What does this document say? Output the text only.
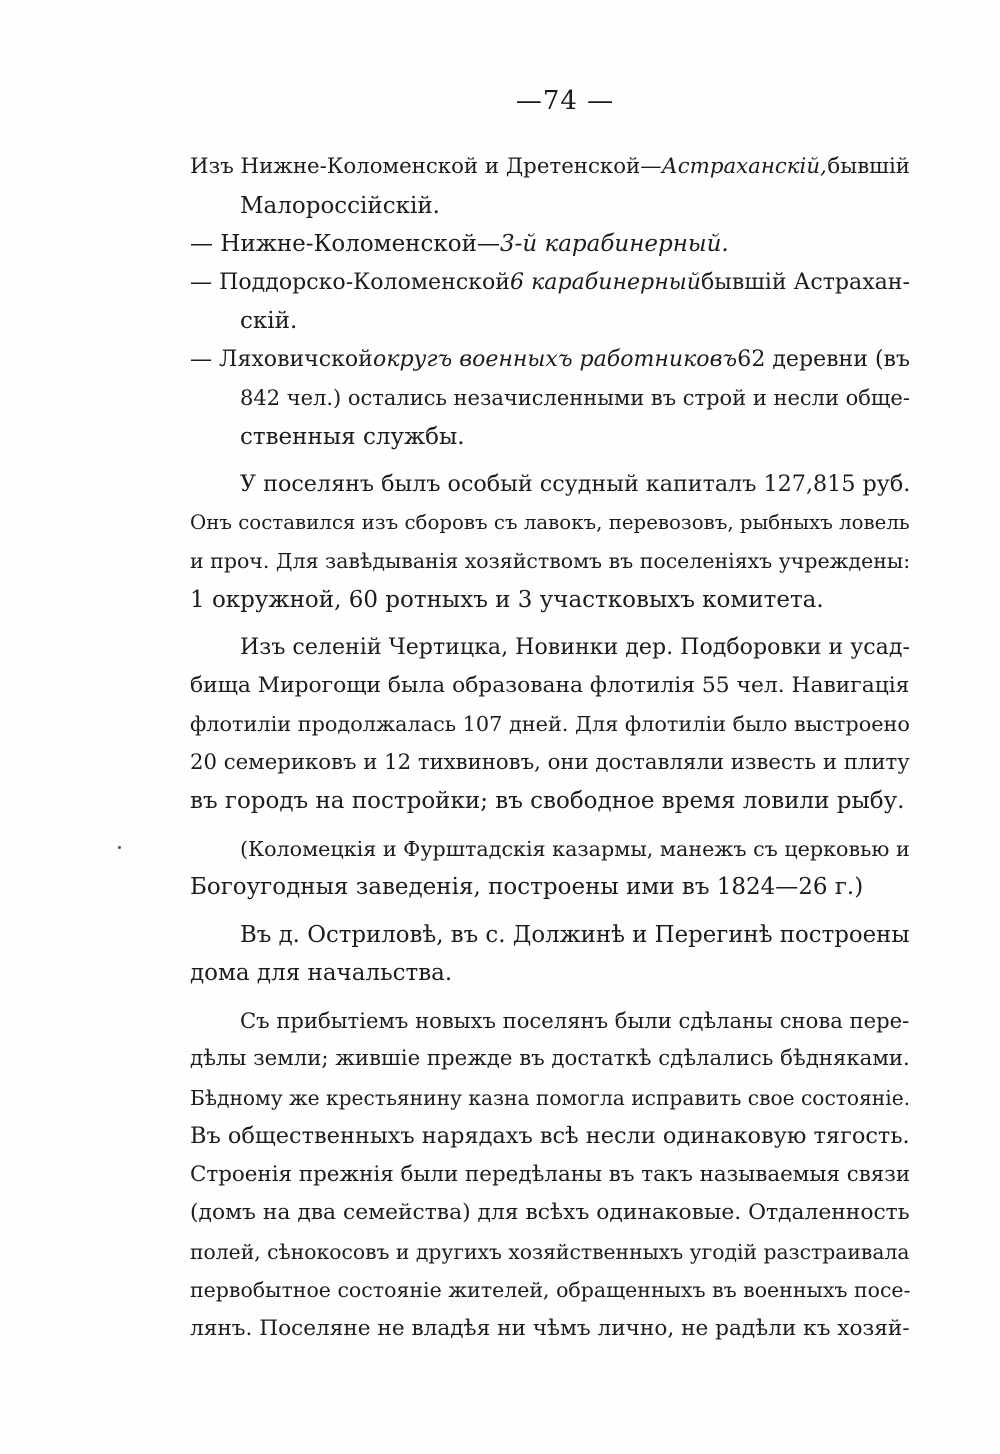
—74 —
Изъ Нижне-Коломенской и Дретенской—Астраханскій, бывшій
Малороссійскій.
— Нижне-Коломенской—3-й карабинерный.
— Поддорско-Коломенской 6 карабинерный бывшій Астрахан-
скій.
— Ляховичской округъ военныхъ работниковъ 62 деревни (въ
842 чел.) остались незачисленными въ строй и несли обще-
ственныя службы.
У поселянъ былъ особый ссудный капиталъ 127,815 руб.
Онъ составился изъ сборовъ съ лавокъ, перевозовъ, рыбныхъ ловель
и проч. Для завѣдыванія хозяйствомъ въ поселеніяхъ учреждены:
1 окружной, 60 ротныхъ и 3 участковыхъ комитета.
Изъ селеній Чертицка, Новинки дер. Подборовки и усад-
бища Мирогощи была образована флотилія 55 чел. Навигація
флотиліи продолжалась 107 дней. Для флотиліи было выстроено
20 семериковъ и 12 тихвиновъ, они доставляли известь и плиту
въ городъ на постройки; въ свободное время ловили рыбу.
(Коломецкія и Фурштадскія казармы, манежъ съ церковью и
Богоугодныя заведенія, построены ими въ 1824—26 г.)
Въ д. Остриловѣ, въ с. Должинѣ и Перегинѣ построены
дома для начальства.
Съ прибытіемъ новыхъ поселянъ были сдѣланы снова пере-
дѣлы земли; жившіе прежде въ достаткѣ сдѣлались бѣдняками.
Бѣдному же крестьянину казна помогла исправить свое состояніе.
Въ общественныхъ нарядахъ всѣ несли одинаковую тягость.
Строенія прежнія были передѣланы въ такъ называемыя связи
(домъ на два семейства) для всѣхъ одинаковые. Отдаленность
полей, сѣнокосовъ и другихъ хозяйственныхъ угодій разстраивала
первобытное состояніе жителей, обращенныхъ въ военныхъ посе-
лянъ. Поселяне не владѣя ни чѣмъ лично, не радѣли къ хозяй-
